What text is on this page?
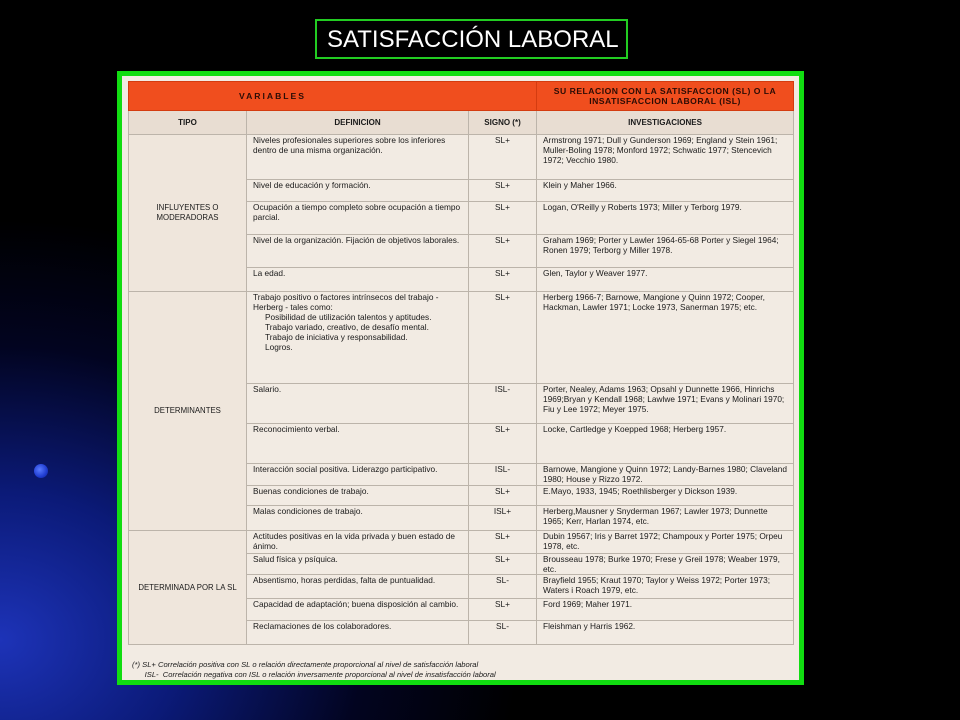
SATISFACCIÓN LABORAL
VARIABLES			SU RELACION CON LA SATISFACCION (SL) O LA INSATISFACCION LABORAL (ISL)
TIPO	DEFINICION	SIGNO (*)	INVESTIGACIONES
INFLUYENTES O MODERADORAS	Niveles profesionales superiores sobre los inferiores dentro de una misma organización.	SL+	Armstrong 1971; Dull y Gunderson 1969; England y Stein 1961; Muller-Boling 1978; Monford 1972; Schwatic 1977; Stencevich 1972; Vecchio 1980.

	Nivel de educación y formación.	SL+	Klein y Maher 1966.

	Ocupación a tiempo completo sobre ocupación a tiempo parcial.	SL+	Logan, O'Reilly y Roberts 1973; Miller y Terborg 1979.

	Nivel de la organización. Fijación de objetivos laborales.	SL+	Graham 1969; Porter y Lawler 1964-65-68 Porter y Siegel 1964; Ronen 1979; Terborg y Miller 1978.

	La edad.	SL+	Glen, Taylor y Weaver 1977.
DETERMINANTES	Trabajo positivo o factores intrínsecos del trabajo - Herberg - tales como:
Posibilidad de utilización talentos y aptitudes.
Trabajo variado, creativo, de desafío mental.
Trabajo de iniciativa y responsabilidad.
Logros.	SL+	Herberg 1966-7; Barnowe, Mangione y Quinn 1972; Cooper, Hackman, Lawler 1971; Locke 1973, Sanerman 1975; etc.

	Salario.	ISL-	Porter, Nealey, Adams 1963; Opsahl y Dunnette 1966, Hinrichs 1969;Bryan y Kendall 1968; Lawlwe 1971; Evans y Molinari 1970; Fiu y Lee 1972; Meyer 1975.

	Reconocimiento verbal.	SL+	Locke, Cartledge y Koepped 1968; Herberg 1957.

	Interacción social positiva. Liderazgo participativo.	ISL-	Barnowe, Mangione y Quinn 1972; Landy-Barnes 1980; Claveland 1980; House y Rizzo 1972.

	Buenas condiciones de trabajo.	SL+	E.Mayo, 1933, 1945; Roethlisberger y Dickson 1939.

	Malas condiciones de trabajo.	ISL+	Herberg,Mausner y Snyderman 1967; Lawler 1973; Dunnette 1965; Kerr, Harlan 1974, etc.
DETERMINADA POR LA SL	Actitudes positivas en la vida privada y buen estado de ánimo.	SL+	Dubin 19567; Iris y Barret 1972; Champoux y Porter 1975; Orpeu 1978, etc.

	Salud física y psíquica.	SL+	Brousseau 1978; Burke 1970; Frese y Greil 1978; Weaber 1979, etc.

	Absentismo, horas perdidas, falta de puntualidad.	SL-	Brayfield 1955; Kraut 1970; Taylor y Weiss 1972; Porter 1973; Waters i Roach 1979, etc.

	Capacidad de adaptación; buena disposición al cambio.	SL+	Ford 1969; Maher 1971.

	Reclamaciones de los colaboradores.	SL-	Fleishman y Harris 1962.
(*) SL+ Correlación positiva con SL o relación directamente proporcional al nivel de satisfacción laboral
ISL-  Correlación negativa con ISL o relación inversamente proporcional al nivel de insatisfacción laboral
